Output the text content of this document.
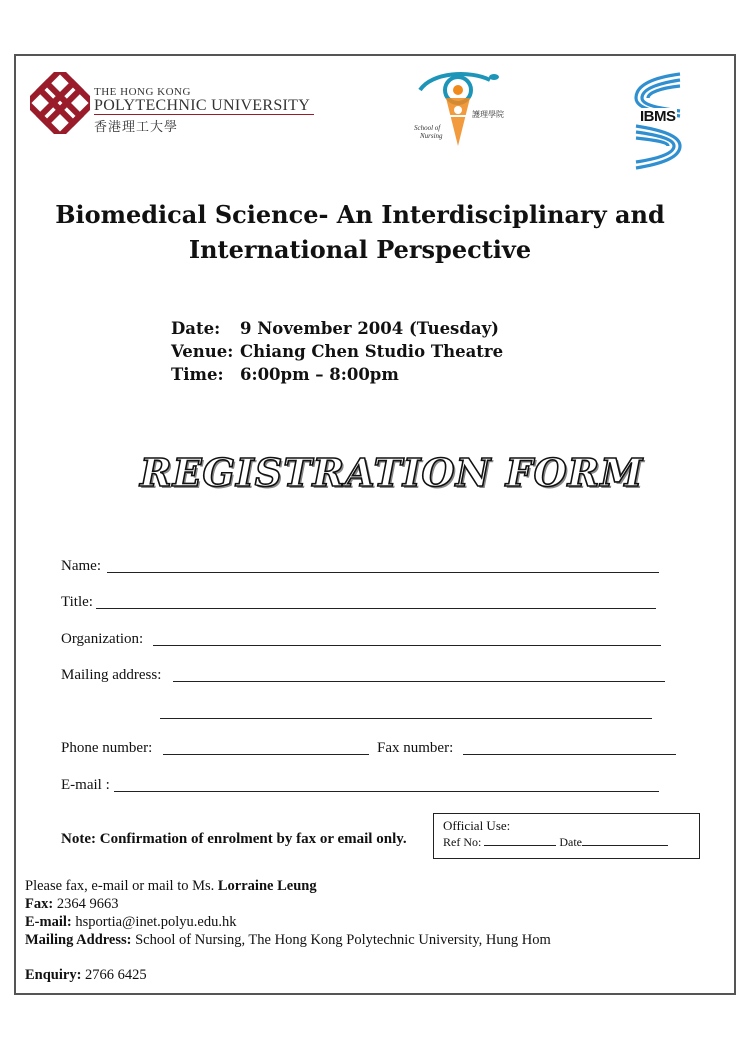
THE HONG KONG
POLYTECHNIC UNIVERSITY
香港理工大學	School of
Nursing
護理學院	IBMS
Biomedical Science- An Interdisciplinary and
International Perspective
Date: 9 November 2004 (Tuesday)
Venue: Chiang Chen Studio Theatre
Time: 6:00pm – 8:00pm
REGISTRATION FORM
Name:
Title:
Organization:
Mailing address:
Phone number:	Fax number:
E-mail :
Note: Confirmation of enrolment by fax or email only.
Official Use:
Ref No:	Date
Please fax, e-mail or mail to Ms. Lorraine Leung
Fax: 2364 9663
E-mail: hsportia@inet.polyu.edu.hk
Mailing Address: School of Nursing, The Hong Kong Polytechnic University, Hung Hom
Enquiry: 2766 6425
